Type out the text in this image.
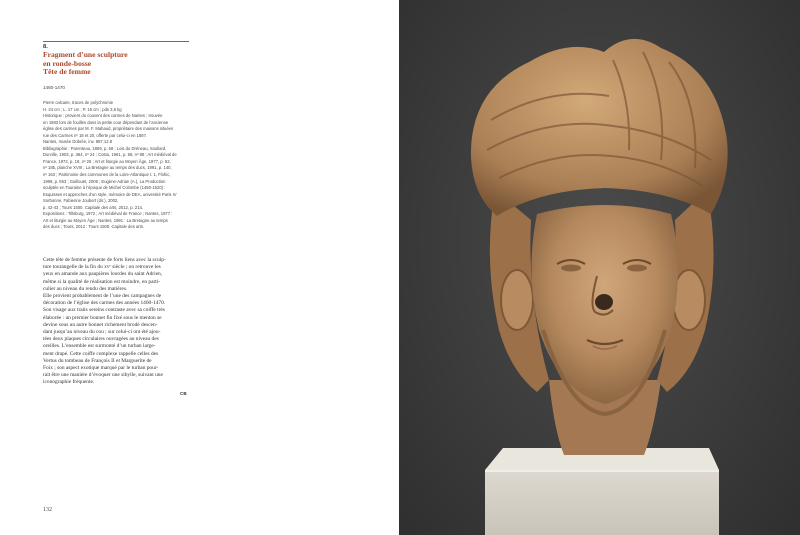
8.
Fragment d’une sculpture
en ronde-bosse
Tête de femme
1460-1470

Pierre calcaire, traces de polychromie

H. 24 cm ; L. 17 cm ; P. 15 cm ; pds 3,8 kg

Historique : provient du couvent des carmes de Nantes ; trouvée

en 1883 lors de fouilles dans la petite cour dépendant de l’ancienne

église des carmes par M. F. Mahaud, propriétaire des maisons situées

rue des Carmes nº 18 et 20, offerte par celui-ci en 1887.

Nantes, musée Dobrée, inv. 887.12.8

Bibliographie : Parenteau, 1869, p. 58 ; Lois du Dréneau, Soullard,

Durville, 1903, p. 364, nº 24 ; Costa, 1961, p. 58, nº 88 ; Art médiéval de

France, 1972, p. 18, nº 25 ; Art et liturgie au Moyen Âge, 1977, p. 62,

nº 185, planche XVIII ; La Bretagne au temps des ducs, 1991, p. 140,

nº 163 ; Patrimoine des communes de la Loire-Atlantique t. 1, Flohic,

1999, p. 653 ; Guillouët, 2006 ; Eugène-Adrian (A.), La Production

sculptée en Touraine à l’époque de Michel Colombe (1450-1520) :

Esquisses et approches d’un style, mémoire de DEA, université Paris IV

Sorbonne, Fabienne Joubert (dir.), 2002,

p. 42-43 ; Tours 1500. Capitale des arts, 2012, p. 214.

Expositions : Tillsburg, 1972 ; Art médiéval de France ; Nantes, 1977 :

Art et liturgie au Moyen Âge ; Nantes, 1991 : La Bretagne au temps

des ducs ; Tours, 2012 : Tours 1500. Capitale des arts.

Cette tête de femme présente de forts liens avec la sculp-

ture tourangelle de la fin du xvᵉ siècle ; on retrouve les

yeux en amande aux paupières lourdes du saint Adrien,

même si la qualité de réalisation est moindre, en parti-

culier au niveau du rendu des matières.

Elle provient probablement de l’une des campagnes de

décoration de l’église des carmes des années 1460-1470.

Son visage aux traits sereins contraste avec sa coiffe très

élaborée : un premier bonnet fin fixé sous le menton se

devine sous un autre bonnet richement brodé descen-

dant jusqu’au niveau du cou ; sur celui-ci ont été ajou-

tées deux plaques circulaires ouvragées au niveau des

oreilles. L’ensemble est surmonté d’un turban large-

ment drapé. Cette coiffe complexe rappelle celles des

Vertus du tombeau de François II et Marguerite de

Foix ; son aspect exotique marqué par le turban pour-

rait être une manière d’évoquer une sibylle, suivant une

iconographie fréquente.

CB
132
